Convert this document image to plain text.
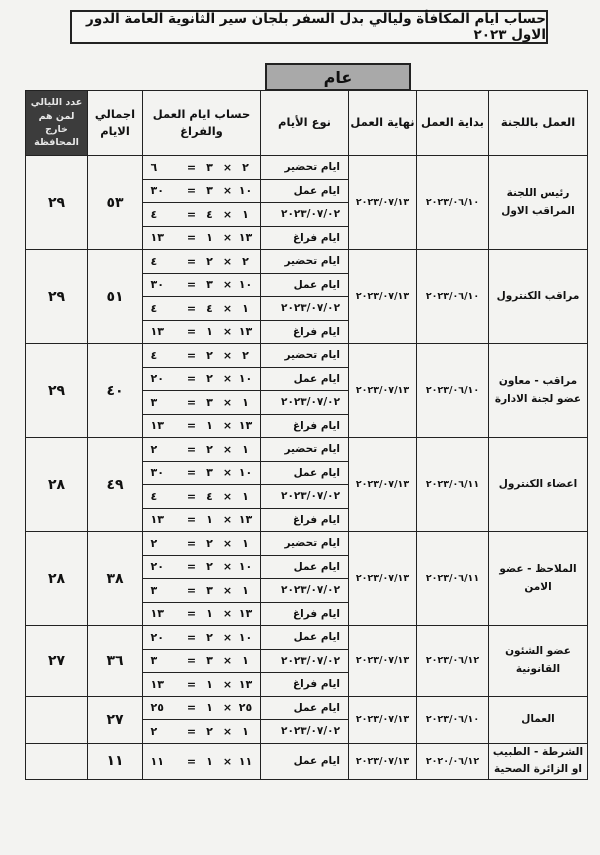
حساب ايام المكافأة وليالي بدل السفر بلجان سير الثانوية العامة الدور الاول ٢٠٢٣
عام
العمل باللجنة	بداية العمل	نهاية العمل	نوع الأيام	حساب ايام العمل والفراغ	اجمالي الايام	عدد الليالي لمن هم خارج المحافظة
رئيس اللجنة المراقب الاول	٢٠٢٣/٠٦/١٠	٢٠٢٣/٠٧/١٣	ايام تحضير	٦ = ٣ × ٢	٥٣	٢٩
			ايام عمل	٣٠ = ٣ × ١٠		
			٢٠٢٣/٠٧/٠٢	٤ = ٤ × ١		
			ايام فراغ	١٣ = ١ × ١٣		
مراقب الكنترول	٢٠٢٣/٠٦/١٠	٢٠٢٣/٠٧/١٣	ايام تحضير	٤ = ٢ × ٢	٥١	٢٩
			ايام عمل	٣٠ = ٣ × ١٠		
			٢٠٢٣/٠٧/٠٢	٤ = ٤ × ١		
			ايام فراغ	١٣ = ١ × ١٣		
مراقب - معاون عضو لجنة الادارة	٢٠٢٣/٠٦/١٠	٢٠٢٣/٠٧/١٣	ايام تحضير	٤ = ٢ × ٢	٤٠	٢٩
			ايام عمل	٢٠ = ٢ × ١٠		
			٢٠٢٣/٠٧/٠٢	٣ = ٣ × ١		
			ايام فراغ	١٣ = ١ × ١٣		
اعضاء الكنترول	٢٠٢٣/٠٦/١١	٢٠٢٣/٠٧/١٣	ايام تحضير	٢ = ٢ × ١	٤٩	٢٨
			ايام عمل	٣٠ = ٣ × ١٠		
			٢٠٢٣/٠٧/٠٢	٤ = ٤ × ١		
			ايام فراغ	١٣ = ١ × ١٣		
الملاحظ - عضو الامن	٢٠٢٣/٠٦/١١	٢٠٢٣/٠٧/١٣	ايام تحضير	٢ = ٢ × ١	٣٨	٢٨
			ايام عمل	٢٠ = ٢ × ١٠		
			٢٠٢٣/٠٧/٠٢	٣ = ٣ × ١		
			ايام فراغ	١٣ = ١ × ١٣		
عضو الشئون القانونية	٢٠٢٣/٠٦/١٢	٢٠٢٣/٠٧/١٣	ايام عمل	٢٠ = ٢ × ١٠	٣٦	٢٧
			٢٠٢٣/٠٧/٠٢	٣ = ٣ × ١		
			ايام فراغ	١٣ = ١ × ١٣		
العمال	٢٠٢٣/٠٦/١٠	٢٠٢٣/٠٧/١٣	ايام عمل	٢٥ = ١ × ٢٥	٢٧	
			٢٠٢٣/٠٧/٠٢	٢ = ٢ × ١		
الشرطة - الطبيب او الزائرة الصحية	٢٠٢٠/٠٦/١٢	٢٠٢٣/٠٧/١٣	ايام عمل	١١ = ١ × ١١	١١	
